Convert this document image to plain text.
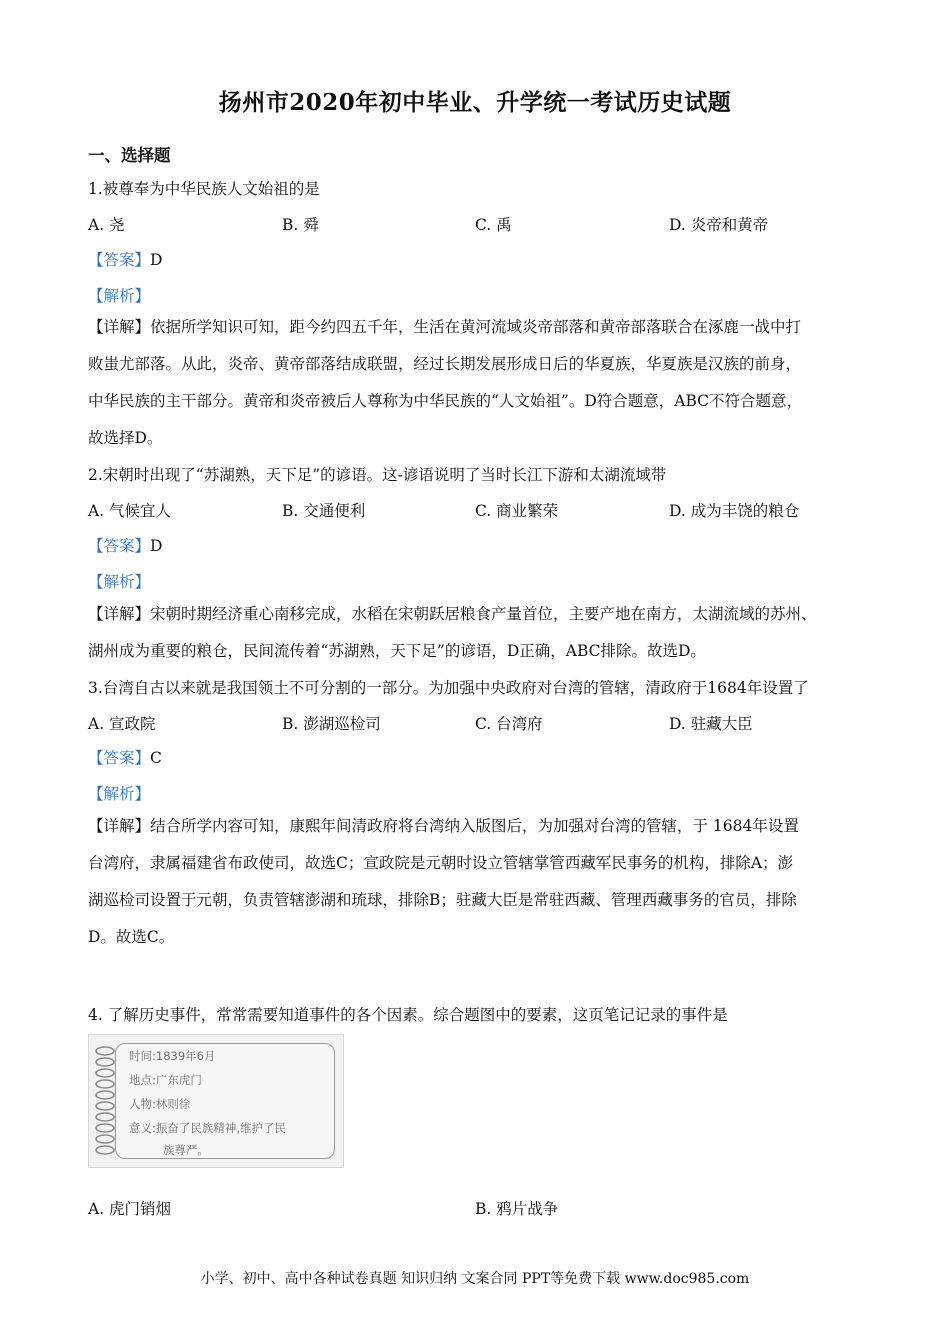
扬州市2020年初中毕业、升学统一考试历史试题
一、选择题
1.被尊奉为中华民族人文始祖的是
A. 尧	B. 舜	C. 禹	D. 炎帝和黄帝
【答案】D
【解析】
【详解】依据所学知识可知，距今约四五千年，生活在黄河流域炎帝部落和黄帝部落联合在涿鹿一战中打
败蚩尤部落。从此，炎帝、黄帝部落结成联盟，经过长期发展形成日后的华夏族，华夏族是汉族的前身，
中华民族的主干部分。黄帝和炎帝被后人尊称为中华民族的“人文始祖”。D符合题意，ABC不符合题意，
故选择D。
2.宋朝时出现了“苏湖熟，天下足”的谚语。这-谚语说明了当时长江下游和太湖流域带
A. 气候宜人	B. 交通便利	C. 商业繁荣	D. 成为丰饶的粮仓
【答案】D
【解析】
【详解】宋朝时期经济重心南移完成，水稻在宋朝跃居粮食产量首位，主要产地在南方，太湖流域的苏州、
湖州成为重要的粮仓，民间流传着“苏湖熟，天下足”的谚语，D正确，ABC排除。故选D。
3.台湾自古以来就是我国领土不可分割的一部分。为加强中央政府对台湾的管辖，清政府于1684年设置了
A. 宣政院	B. 澎湖巡检司	C. 台湾府	D. 驻藏大臣
【答案】C
【解析】
【详解】结合所学内容可知，康熙年间清政府将台湾纳入版图后，为加强对台湾的管辖，于 1684年设置
台湾府，隶属福建省布政使司，故选C；宣政院是元朝时设立管辖掌管西藏军民事务的机构，排除A；澎
湖巡检司设置于元朝，负责管辖澎湖和琉球，排除B；驻藏大臣是常驻西藏、管理西藏事务的官员，排除
D。故选C。
4. 了解历史事件，常常需要知道事件的各个因素。综合题图中的要素，这页笔记记录的事件是
时间:1839年6月
地点:广东虎门
人物:林则徐
意义:振奋了民族精神,维护了民
族尊严。
A. 虎门销烟	B. 鸦片战争
小学、初中、高中各种试卷真题 知识归纳 文案合同 PPT等免费下载 www.doc985.com
